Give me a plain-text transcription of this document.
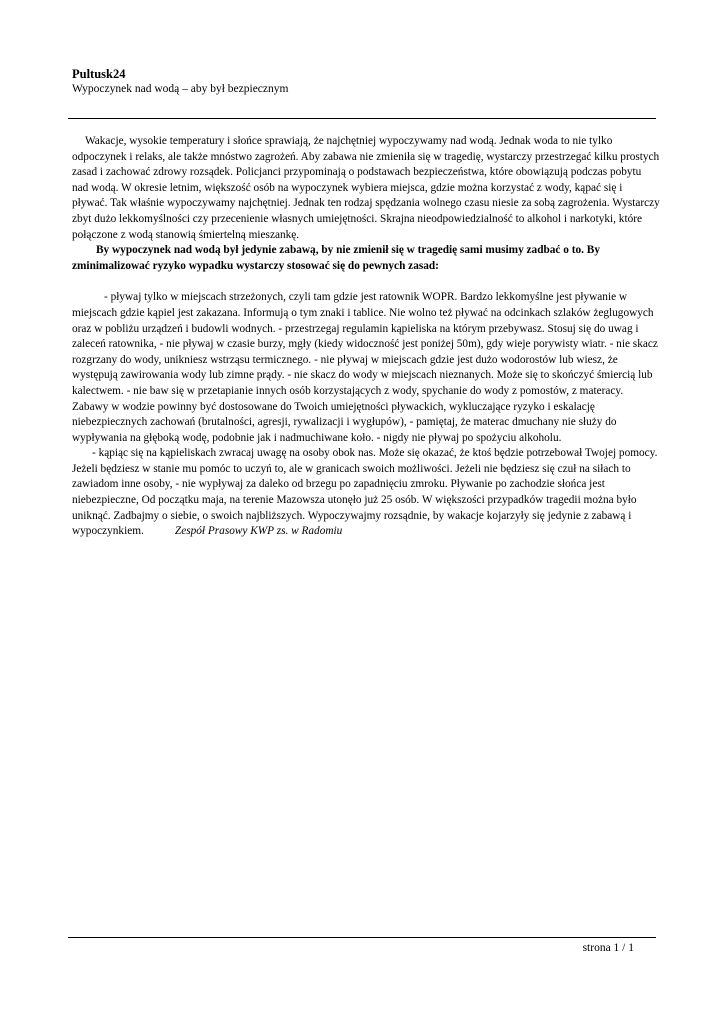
Pultusk24
Wypoczynek nad wodą – aby był bezpiecznym

Wakacje, wysokie temperatury i słońce sprawiają, że najchętniej wypoczywamy nad wodą. Jednak woda to nie tylko odpoczynek i relaks, ale także mnóstwo zagrożeń. Aby zabawa nie zmieniła się w tragedię, wystarczy przestrzegać kilku prostych zasad i zachować zdrowy rozsądek. Policjanci przypominają o podstawach bezpieczeństwa, które obowiązują podczas pobytu nad wodą. W okresie letnim, większość osób na wypoczynek wybiera miejsca, gdzie można korzystać z wody, kąpać się i pływać. Tak właśnie wypoczywamy najchętniej. Jednak ten rodzaj spędzania wolnego czasu niesie za sobą zagrożenia. Wystarczy zbyt dużo lekkomyślności czy przecenienie własnych umiejętności. Skrajna nieodpowiedzialność to alkohol i narkotyki, które połączone z wodą stanowią śmiertelną mieszankę.

By wypoczynek nad wodą był jedynie zabawą, by nie zmienił się w tragedię sami musimy zadbać o to. By zminimalizować ryzyko wypadku wystarczy stosować się do pewnych zasad:

- pływaj tylko w miejscach strzeżonych, czyli tam gdzie jest ratownik WOPR. Bardzo lekkomyślne jest pływanie w miejscach gdzie kąpiel jest zakazana. Informują o tym znaki i tablice. Nie wolno też pływać na odcinkach szlaków żeglugowych oraz w pobliżu urządzeń i budowli wodnych. - przestrzegaj regulamin kąpieliska na którym przebywasz. Stosuj się do uwag i zaleceń ratownika, - nie pływaj w czasie burzy, mgły (kiedy widoczność jest poniżej 50m), gdy wieje porywisty wiatr. - nie skacz rozgrzany do wody, unikniesz wstrząsu termicznego. - nie pływaj w miejscach gdzie jest dużo wodorostów lub wiesz, że występują zawirowania wody lub zimne prądy. - nie skacz do wody w miejscach nieznanych. Może się to skończyć śmiercią lub kalectwem. - nie baw się w przetapianie innych osób korzystających z wody, spychanie do wody z pomostów, z materacy. Zabawy w wodzie powinny być dostosowane do Twoich umiejętności pływackich, wykluczające ryzyko i eskalację niebezpiecznych zachowań (brutalności, agresji, rywalizacji i wygłupów), - pamiętaj, że materac dmuchany nie służy do wypływania na głęboką wodę, podobnie jak i nadmuchiwane koło. - nigdy nie pływaj po spożyciu alkoholu.

- kąpiąc się na kąpieliskach zwracaj uwagę na osoby obok nas. Może się okazać, że ktoś będzie potrzebował Twojej pomocy. Jeżeli będziesz w stanie mu pomóc to uczyń to, ale w granicach swoich możliwości. Jeżeli nie będziesz się czuł na siłach to zawiadom inne osoby, - nie wypływaj za daleko od brzegu po zapadnięciu zmroku. Pływanie po zachodzie słońca jest niebezpieczne, Od początku maja, na terenie Mazowsza utonęło już 25 osób. W większości przypadków tragedii można było uniknąć. Zadbajmy o siebie, o swoich najbliższych. Wypoczywajmy rozsądnie, by wakacje kojarzyły się jedynie z zabawą i wypoczynkiem.	Zespół Prasowy KWP zs. w Radomiu

strona 1 / 1
